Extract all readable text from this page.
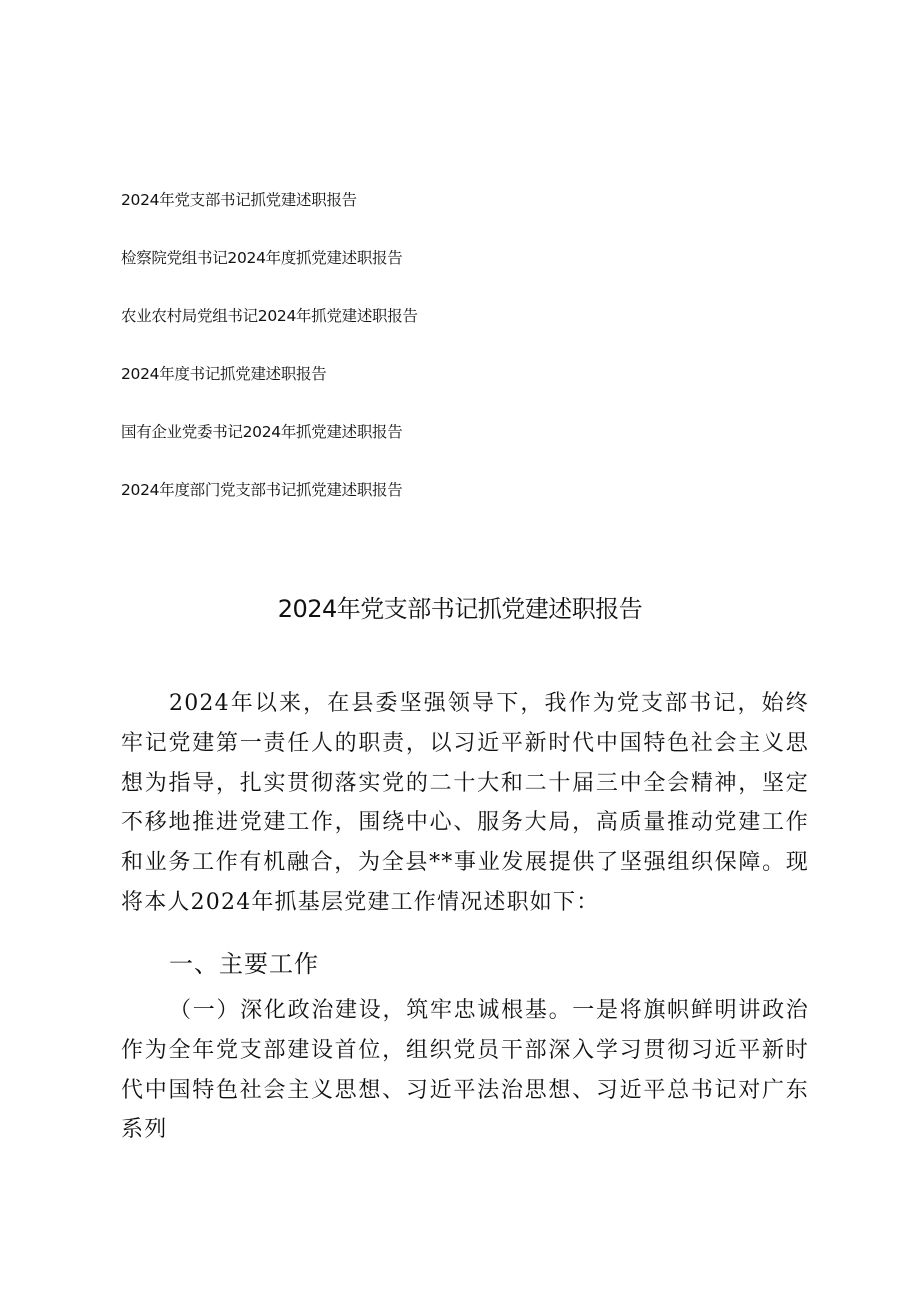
2024年党支部书记抓党建述职报告
检察院党组书记2024年度抓党建述职报告
农业农村局党组书记2024年抓党建述职报告
2024年度书记抓党建述职报告
国有企业党委书记2024年抓党建述职报告
2024年度部门党支部书记抓党建述职报告
2024年党支部书记抓党建述职报告

2024年以来，在县委坚强领导下，我作为党支部书记，始终牢记党建第一责任人的职责，以习近平新时代中国特色社会主义思想为指导，扎实贯彻落实党的二十大和二十届三中全会精神，坚定不移地推进党建工作，围绕中心、服务大局，高质量推动党建工作和业务工作有机融合，为全县**事业发展提供了坚强组织保障。现将本人2024年抓基层党建工作情况述职如下：

一、主要工作

（一）深化政治建设，筑牢忠诚根基。一是将旗帜鲜明讲政治作为全年党支部建设首位，组织党员干部深入学习贯彻习近平新时代中国特色社会主义思想、习近平法治思想、习近平总书记对广东系列
